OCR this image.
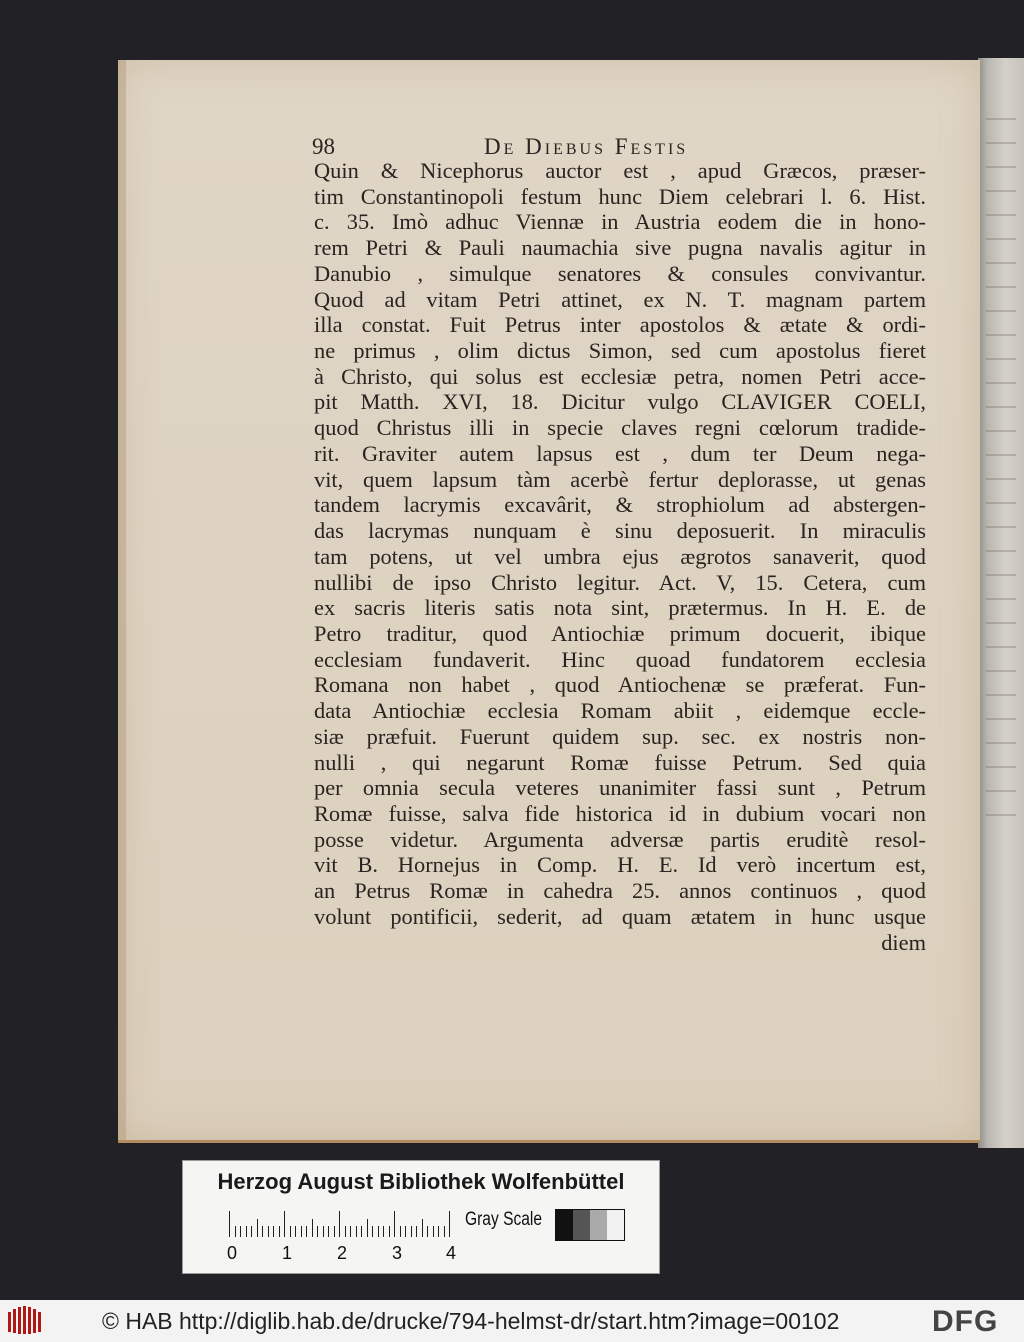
98	De Diebus Festis
Quin & Nicephorus auctor est , apud Græcos, præser-
tim Constantinopoli festum hunc Diem celebrari l. 6. Hist.
c. 35. Imò adhuc Viennæ in Austria eodem die in hono-
rem Petri & Pauli naumachia sive pugna navalis agitur in
Danubio , simulque senatores & consules convivantur.
Quod ad vitam Petri attinet, ex N. T. magnam partem
illa constat. Fuit Petrus inter apostolos & ætate & ordi-
ne primus , olim dictus Simon, sed cum apostolus fieret
à Christo, qui solus est ecclesiæ petra, nomen Petri acce-
pit Matth. XVI, 18. Dicitur vulgo CLAVIGER COELI,
quod Christus illi in specie claves regni cœlorum tradide-
rit. Graviter autem lapsus est , dum ter Deum nega-
vit, quem lapsum tàm acerbè fertur deplorasse, ut genas
tandem lacrymis excavârit, & strophiolum ad abstergen-
das lacrymas nunquam è sinu deposuerit. In miraculis
tam potens, ut vel umbra ejus ægrotos sanaverit, quod
nullibi de ipso Christo legitur. Act. V, 15. Cetera, cum
ex sacris literis satis nota sint, prætermus. In H. E. de
Petro traditur, quod Antiochiæ primum docuerit, ibique
ecclesiam fundaverit. Hinc quoad fundatorem ecclesia
Romana non habet , quod Antiochenæ se præferat. Fun-
data Antiochiæ ecclesia Romam abiit , eidemque eccle-
siæ præfuit. Fuerunt quidem sup. sec. ex nostris non-
nulli , qui negarunt Romæ fuisse Petrum. Sed quia
per omnia secula veteres unanimiter fassi sunt , Petrum
Romæ fuisse, salva fide historica id in dubium vocari non
posse videtur. Argumenta adversæ partis eruditè resol-
vit B. Hornejus in Comp. H. E. Id verò incertum est,
an Petrus Romæ in cahedra 25. annos continuos , quod
volunt pontificii, sederit, ad quam ætatem in hunc usque
diem
Herzog August Bibliothek Wolfenbüttel
0 1 2 3 4
Gray Scale
© HAB http://diglib.hab.de/drucke/794-helmst-dr/start.htm?image=00102	DFG
